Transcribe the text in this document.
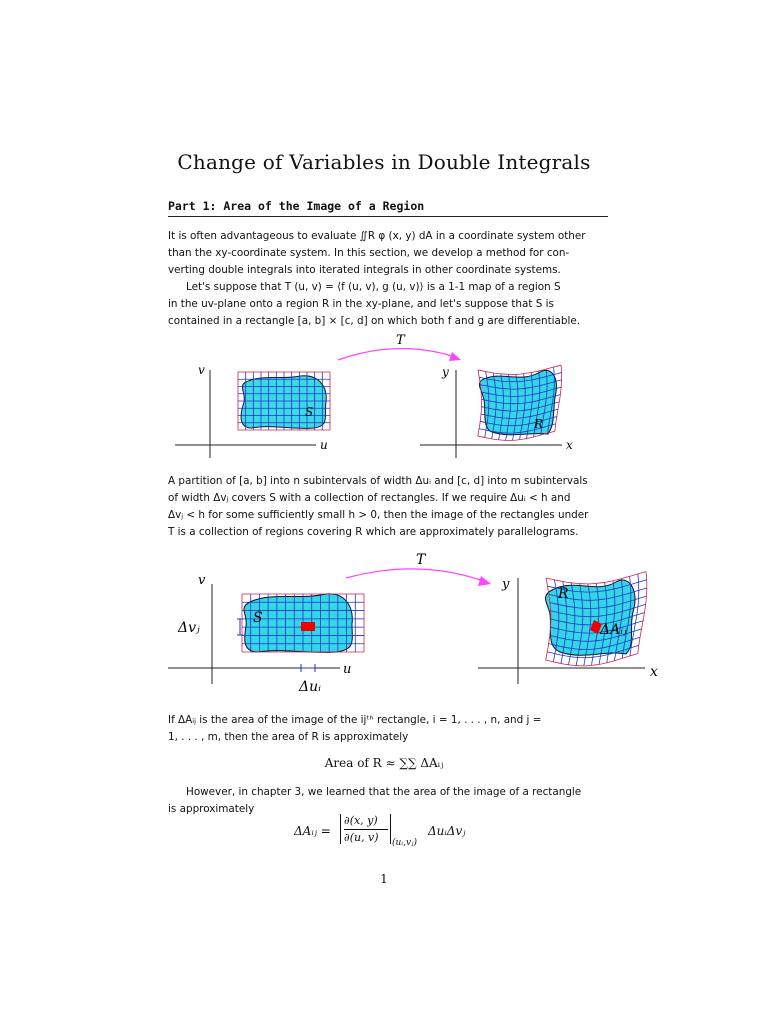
Change of Variables in Double Integrals
Part 1: Area of the Image of a Region

It is often advantageous to evaluate ∬R φ (x, y) dA in a coordinate system other

than the xy-coordinate system. In this section, we develop a method for con-

verting double integrals into iterated integrals in other coordinate systems.

Let's suppose that T (u, v) = ⟨f (u, v), g (u, v)⟩ is a 1-1 map of a region S

in the uv-plane onto a region R in the xy-plane, and let's suppose that S is

contained in a rectangle [a, b] × [c, d] on which both f and g are differentiable.

S
v
u
T
R
y
x

A partition of [a, b] into n subintervals of width Δuᵢ and [c, d] into m subintervals

of width Δvⱼ covers S with a collection of rectangles. If we require Δuᵢ < h and

Δvⱼ < h for some sufficiently small h > 0, then the image of the rectangles under

T is a collection of regions covering R which are approximately parallelograms.

S
v
u
Δvⱼ
Δuᵢ
T
R
ΔAᵢⱼ
y
x

If ΔAᵢⱼ is the area of the image of the ijᵗʰ rectangle, i = 1, . . . , n, and j =

1, . . . , m, then the area of R is approximately

Area of R ≈ ∑∑ ΔAᵢⱼ

However, in chapter 3, we learned that the area of the image of a rectangle

is approximately

ΔAᵢⱼ =
∂(x, y)
∂(u, v) (uᵢ,vⱼ)
ΔuᵢΔvⱼ
1
